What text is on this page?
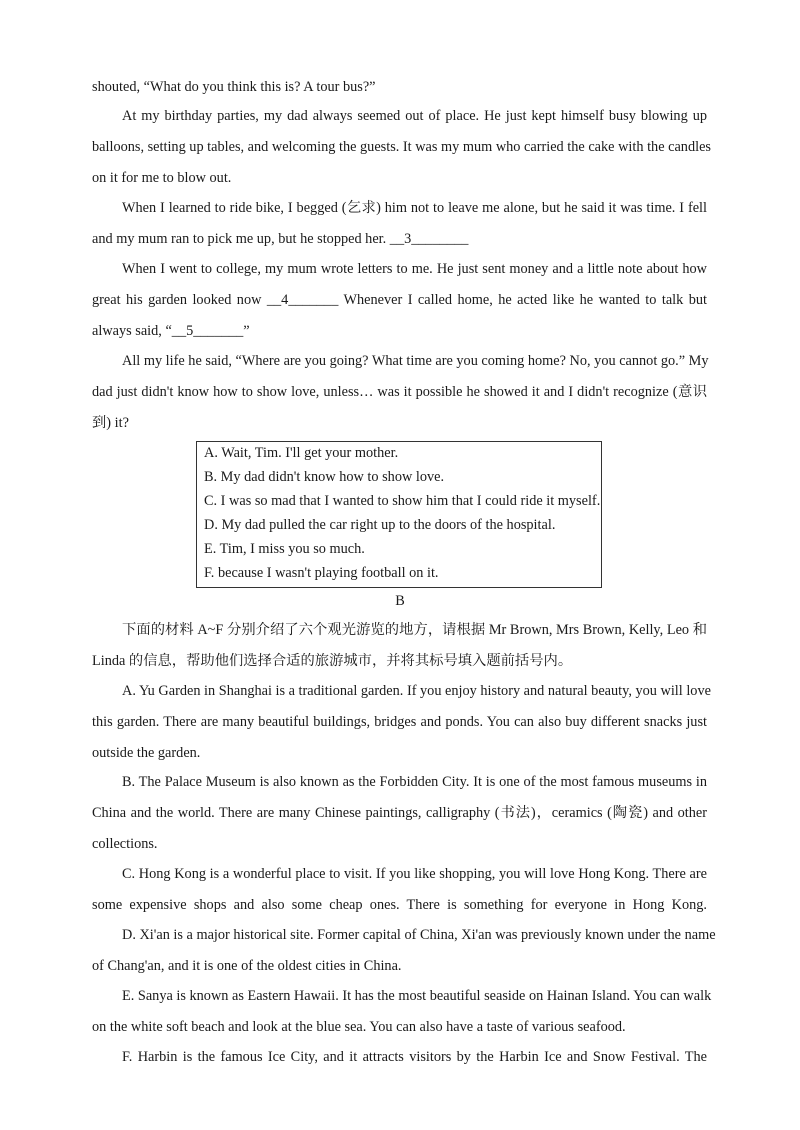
shouted, “What do you think this is? A tour bus?”
At my birthday parties, my dad always seemed out of place. He just kept himself busy blowing up
balloons, setting up tables, and welcoming the guests. It was my mum who carried the cake with the candles
on it for me to blow out.
When I learned to ride bike, I begged (乞求) him not to leave me alone, but he said it was time. I fell
and my mum ran to pick me up, but he stopped her. __3________
When I went to college, my mum wrote letters to me. He just sent money and a little note about how
great his garden looked now __4_______ Whenever I called home, he acted like he wanted to talk but
always said, “__5_______”
All my life he said, “Where are you going? What time are you coming home? No, you cannot go.” My
dad just didn't know how to show love, unless… was it possible he showed it and I didn't recognize (意识
到) it?
A. Wait, Tim. I'll get your mother.
B. My dad didn't know how to show love.
C. I was so mad that I wanted to show him that I could ride it myself.
D. My dad pulled the car right up to the doors of the hospital.
E. Tim, I miss you so much.
F. because I wasn't playing football on it.
B
下面的材料 A~F 分别介绍了六个观光游览的地方，请根据 Mr Brown, Mrs Brown, Kelly, Leo 和
Linda 的信息，帮助他们选择合适的旅游城市，并将其标号填入题前括号内。
A. Yu Garden in Shanghai is a traditional garden. If you enjoy history and natural beauty, you will love
this garden. There are many beautiful buildings, bridges and ponds. You can also buy different snacks just
outside the garden.
B. The Palace Museum is also known as the Forbidden City. It is one of the most famous museums in
China and the world. There are many Chinese paintings, calligraphy (书法)，ceramics (陶瓷) and other
collections.
C. Hong Kong is a wonderful place to visit. If you like shopping, you will love Hong Kong. There are
some expensive shops and also some cheap ones. There is something for everyone in Hong Kong.
D. Xi'an is a major historical site. Former capital of China, Xi'an was previously known under the name
of Chang'an, and it is one of the oldest cities in China.
E. Sanya is known as Eastern Hawaii. It has the most beautiful seaside on Hainan Island. You can walk
on the white soft beach and look at the blue sea. You can also have a taste of various seafood.
F. Harbin is the famous Ice City, and it attracts visitors by the Harbin Ice and Snow Festival. The
